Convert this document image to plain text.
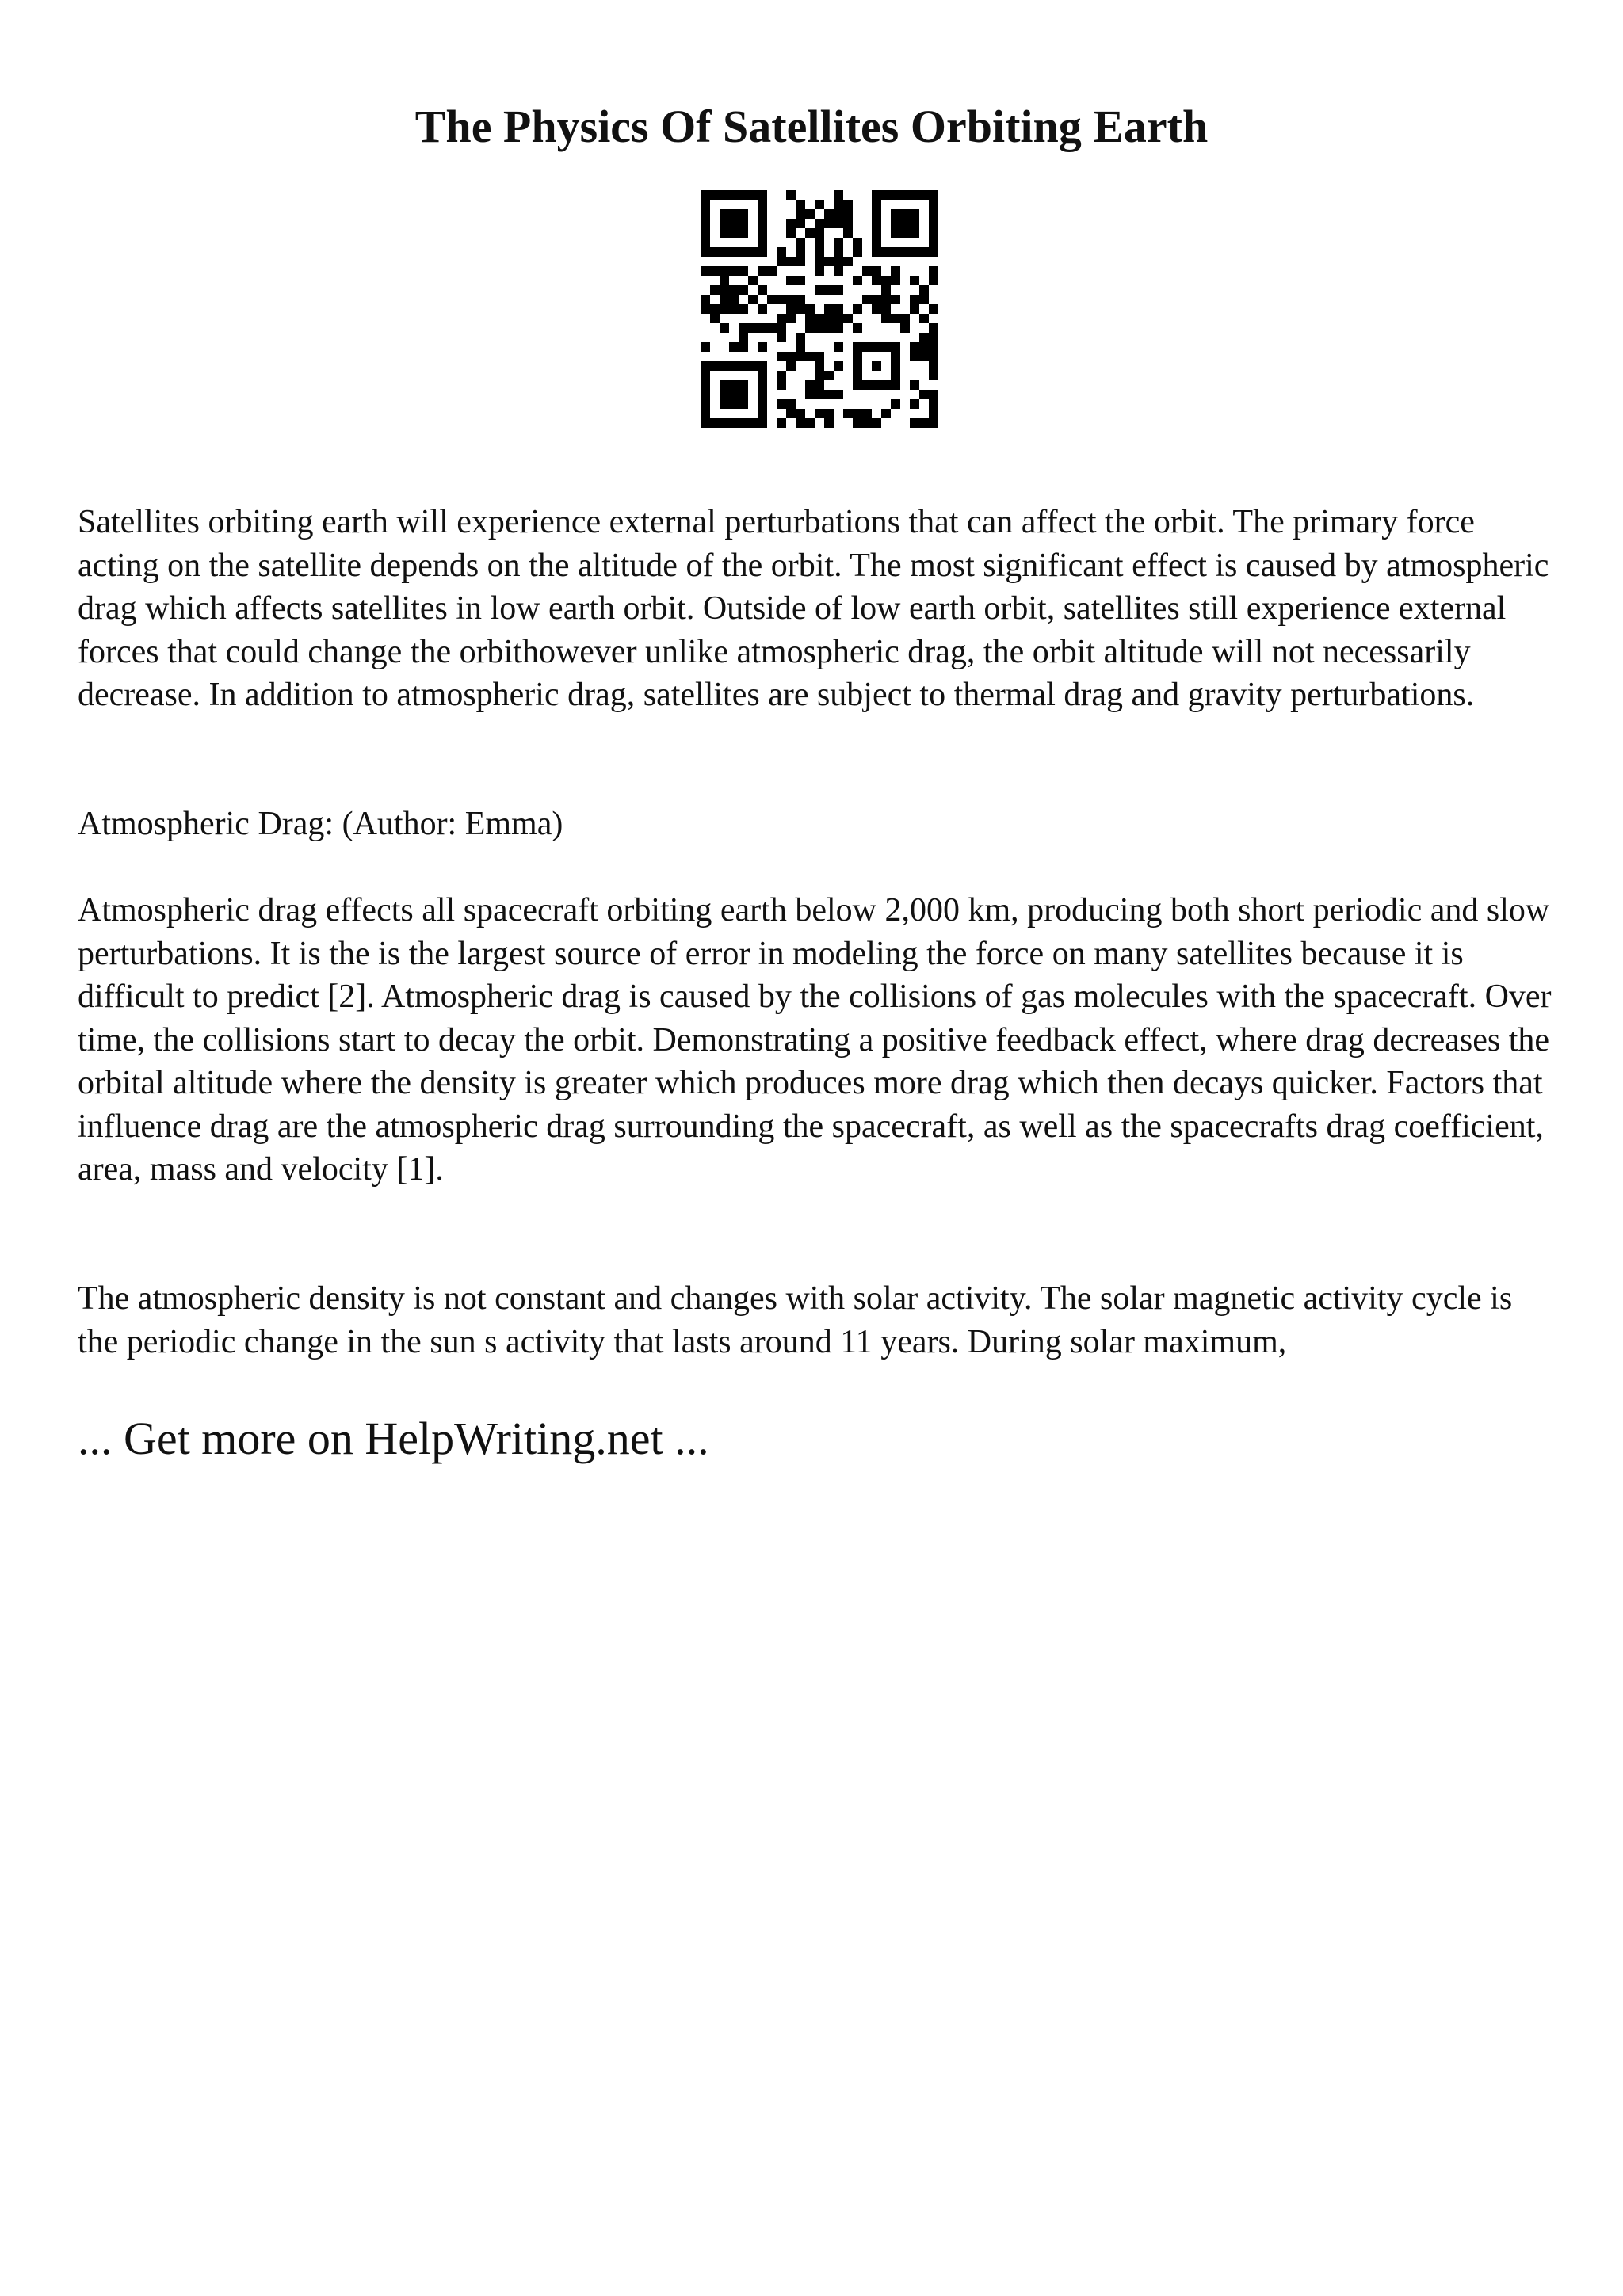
The Physics Of Satellites Orbiting Earth

Satellites orbiting earth will experience external perturbations that can affect the orbit. The primary force acting on the satellite depends on the altitude of the orbit. The most significant effect is caused by atmospheric drag which affects satellites in low earth orbit. Outside of low earth orbit, satellites still experience external forces that could change the orbithowever unlike atmospheric drag, the orbit altitude will not necessarily decrease. In addition to atmospheric drag, satellites are subject to thermal drag and gravity perturbations.

Atmospheric Drag: (Author: Emma)

Atmospheric drag effects all spacecraft orbiting earth below 2,000 km, producing both short periodic and slow perturbations. It is the is the largest source of error in modeling the force on many satellites because it is difficult to predict [2]. Atmospheric drag is caused by the collisions of gas molecules with the spacecraft. Over time, the collisions start to decay the orbit. Demonstrating a positive feedback effect, where drag decreases the orbital altitude where the density is greater which produces more drag which then decays quicker. Factors that influence drag are the atmospheric drag surrounding the spacecraft, as well as the spacecrafts drag coefficient, area, mass and velocity [1].

The atmospheric density is not constant and changes with solar activity. The solar magnetic activity cycle is the periodic change in the sun s activity that lasts around 11 years. During solar maximum,

... Get more on HelpWriting.net ...
